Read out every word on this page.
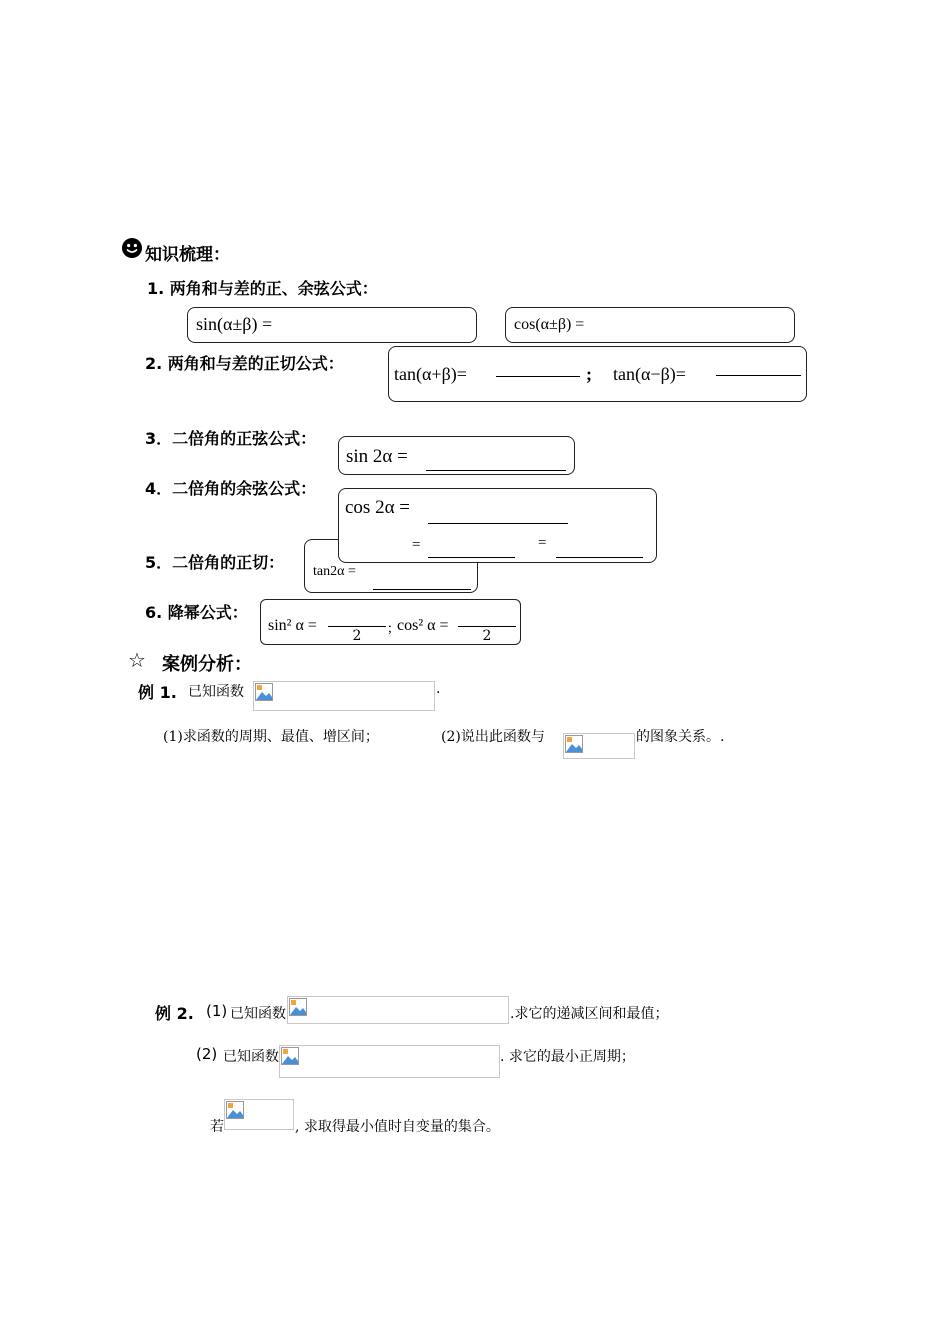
知识梳理：
1. 两角和与差的正、余弦公式：
sin(α±β) =	cos(α±β) =
2. 两角和与差的正切公式：
tan(α+β)=	; tan(α−β)=
3．二倍角的正弦公式：
sin 2α =
4．二倍角的余弦公式：
5．二倍角的正切： tan2α =
cos 2α =
=	=
6. 降幂公式：
sin² α =
2	; cos² α =
2
☆ 案例分析：
例 1. 已知函数	.
(1)求函数的周期、最值、增区间；	(2)说出此函数与	的图象关系。.
例 2. (1) 已知函数	.求它的递减区间和最值；
(2) 已知函数	. 求它的最小正周期；
若	, 求取得最小值时自变量的集合。
